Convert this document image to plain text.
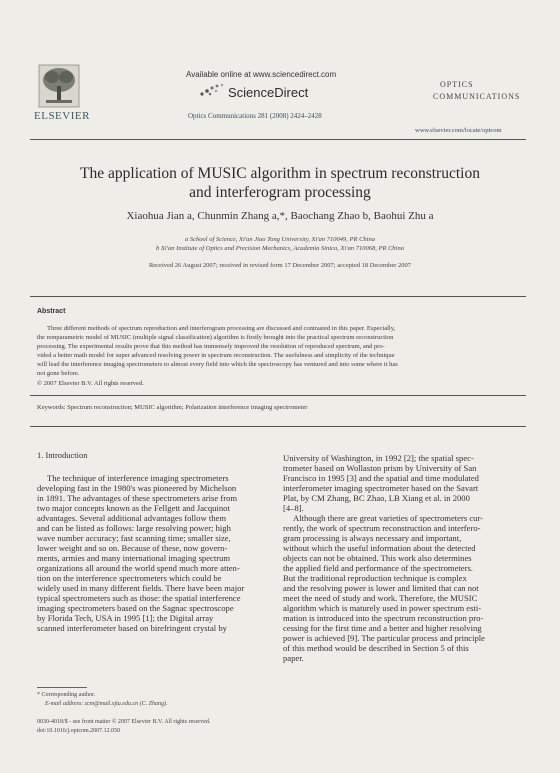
ELSEVIER
Available online at www.sciencedirect.com
ScienceDirect
Optics Communications 281 (2008) 2424–2428
OPTICS
COMMUNICATIONS
www.elsevier.com/locate/optcom
The application of MUSIC algorithm in spectrum reconstruction
and interferogram processing
Xiaohua Jian a, Chunmin Zhang a,*, Baochang Zhao b, Baohui Zhu a
a School of Science, Xi'an Jiao Tong University, Xi'an 710049, PR China
b Xi'an Institute of Optics and Precision Mechanics, Academia Sinica, Xi'an 710068, PR China
Received 26 August 2007; received in revised form 17 December 2007; accepted 18 December 2007
Abstract
Three different methods of spectrum reproduction and interferogram processing are discussed and contrasted in this paper. Especially,
the nonparametric model of MUSIC (multiple signal classification) algorithm is firstly brought into the practical spectrum reconstruction
processing. The experimental results prove that this method has immensely improved the resolution of reproduced spectrum, and pro-
vided a better math model for super advanced resolving power in spectrum reconstruction. The usefulness and simplicity of the technique
will lead the interference imaging spectrometers to almost every field into which the spectroscopy has ventured and into some where it has
not gone before.
© 2007 Elsevier B.V. All rights reserved.
Keywords: Spectrum reconstruction; MUSIC algorithm; Polarization interference imaging spectrometer
1. Introduction
The technique of interference imaging spectrometers
developing fast in the 1980's was pioneered by Michelson
in 1891. The advantages of these spectrometers arise from
two major concepts known as the Fellgett and Jacquinot
advantages. Several additional advantages follow them
and can be listed as follows: large resolving power; high
wave number accuracy; fast scanning time; smaller size,
lower weight and so on. Because of these, now govern-
ments, armies and many international imaging spectrum
organizations all around the world spend much more atten-
tion on the interference spectrometers which could be
widely used in many different fields. There have been major
typical spectrometers such as those: the spatial interference
imaging spectrometers based on the Sagnac spectroscope
by Florida Tech, USA in 1995 [1]; the Digital array
scanned interferometer based on birefringent crystal by
University of Washington, in 1992 [2]; the spatial spec-
trometer based on Wollaston prism by University of San
Francisco in 1995 [3] and the spatial and time modulated
interferometer imaging spectrometer based on the Savart
Plat, by CM Zhang, BC Zhao, LB Xiang et al. in 2000
[4–8].
Although there are great varieties of spectrometers cur-
rently, the work of spectrum reconstruction and interfero-
gram processing is always necessary and important,
without which the useful information about the detected
objects can not be obtained. This work also determines
the applied field and performance of the spectrometers.
But the traditional reproduction technique is complex
and the resolving power is lower and limited that can not
meet the need of study and work. Therefore, the MUSIC
algorithm which is maturely used in power spectrum esti-
mation is introduced into the spectrum reconstruction pro-
cessing for the first time and a better and higher resolving
power is achieved [9]. The particular process and principle
of this method would be described in Section 5 of this
paper.
* Corresponding author.
E-mail address: zcm@mail.xjtu.edu.cn (C. Zhang).
0030-4018/$ - see front matter © 2007 Elsevier B.V. All rights reserved.
doi:10.1016/j.optcom.2007.12.050
